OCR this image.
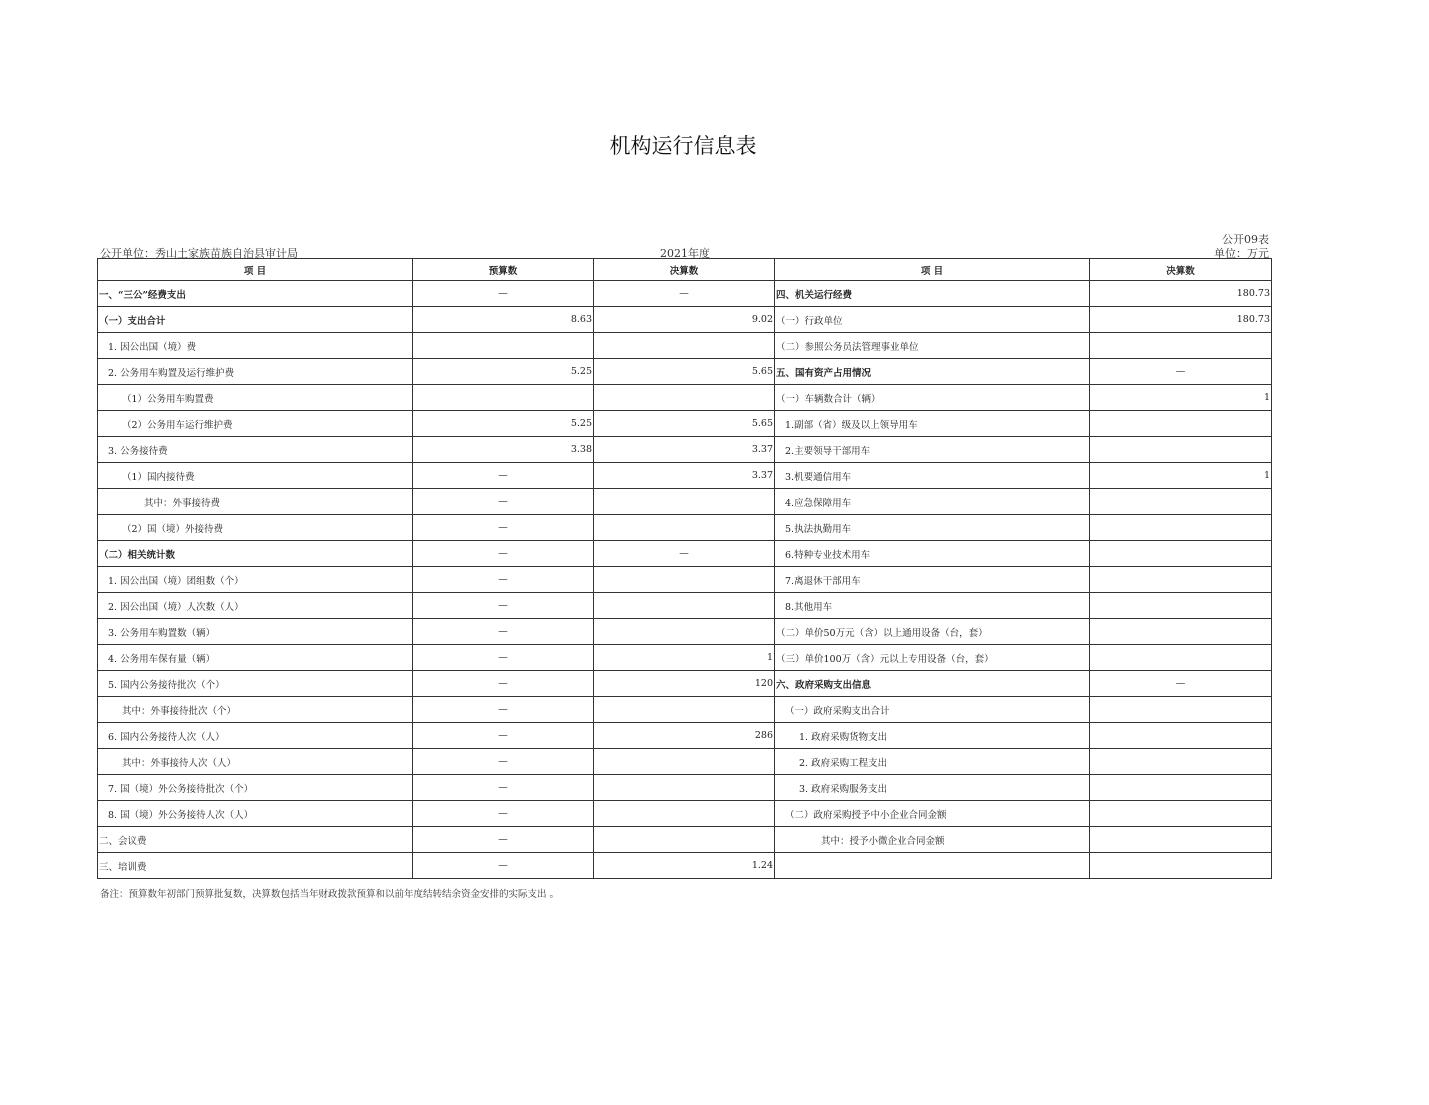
机构运行信息表
公开单位：秀山土家族苗族自治县审计局	2021年度
公开09表
单位：万元
项 目	预算数	决算数	项 目	决算数
一、“三公”经费支出	—	—	四、机关运行经费	180.73
（一）支出合计	8.63	9.02	（一）行政单位	180.73
1. 因公出国（境）费			（二）参照公务员法管理事业单位	
2. 公务用车购置及运行维护费	5.25	5.65	五、国有资产占用情况	—
（1）公务用车购置费			（一）车辆数合计（辆）	1
（2）公务用车运行维护费	5.25	5.65	1.副部（省）级及以上领导用车	
3. 公务接待费	3.38	3.37	2.主要领导干部用车	
（1）国内接待费	—	3.37	3.机要通信用车	1
其中：外事接待费	—		4.应急保障用车	
（2）国（境）外接待费	—		5.执法执勤用车	
（二）相关统计数	—	—	6.特种专业技术用车	
1. 因公出国（境）团组数（个）	—		7.离退休干部用车	
2. 因公出国（境）人次数（人）	—		8.其他用车	
3. 公务用车购置数（辆）	—		（二）单价50万元（含）以上通用设备（台，套）	
4. 公务用车保有量（辆）	—	1	（三）单价100万（含）元以上专用设备（台，套）	
5. 国内公务接待批次（个）	—	120	六、政府采购支出信息	—
其中：外事接待批次（个）	—		（一）政府采购支出合计	
6. 国内公务接待人次（人）	—	286	1. 政府采购货物支出	
其中：外事接待人次（人）	—		2. 政府采购工程支出	
7. 国（境）外公务接待批次（个）	—		3. 政府采购服务支出	
8. 国（境）外公务接待人次（人）	—		（二）政府采购授予中小企业合同金额	
二、会议费	—		其中：授予小微企业合同金额	
三、培训费	—	1.24		
备注：预算数年初部门预算批复数，决算数包括当年财政拨款预算和以前年度结转结余资金安排的实际支出 。
